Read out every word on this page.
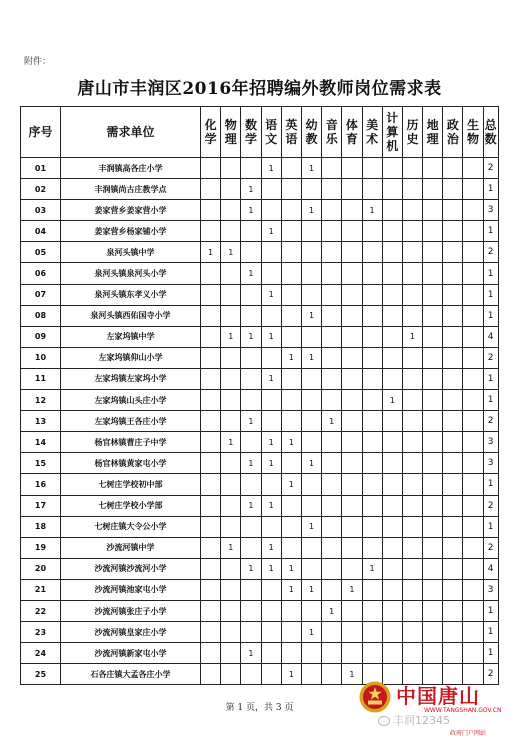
附件：
唐山市丰润区2016年招聘编外教师岗位需求表
序号	需求单位	化学	物理	数学	语文	英语	幼教	音乐	体育	美术	计算机	历史	地理	政治	生物	总数

01	丰润镇高各庄小学				1		1									2
02	丰润镇尚古庄教学点			1												1
03	姜家营乡姜家营小学			1			1			1						3
04	姜家营乡杨家铺小学				1											1
05	泉河头镇中学	1	1													2
06	泉河头镇泉河头小学			1												1
07	泉河头镇东孝义小学				1											1
08	泉河头镇西佑国寺小学						1									1
09	左家坞镇中学		1	1	1							1				4
10	左家坞镇仰山小学					1	1									2
11	左家坞镇左家坞小学				1											1
12	左家坞镇山头庄小学										1					1
13	左家坞镇王各庄小学			1				1								2
14	杨官林镇曹庄子中学		1		1	1										3
15	杨官林镇黄家屯小学			1	1		1									3
16	七树庄学校初中部					1										1
17	七树庄学校小学部			1	1											2
18	七树庄镇大令公小学						1									1
19	沙流河镇中学		1		1											2
20	沙流河镇沙流河小学			1	1	1				1						4
21	沙流河镇池家屯小学					1	1		1							3
22	沙流河镇张庄子小学							1								1
23	沙流河镇皇家庄小学						1									1
24	沙流河镇新家屯小学			1												1
25	石各庄镇大孟各庄小学					1			1							2
第 1 页，共 3 页	中国唐山
WWW.TANGSHAN.GOV.CN
政府门户网站
丰润12345
